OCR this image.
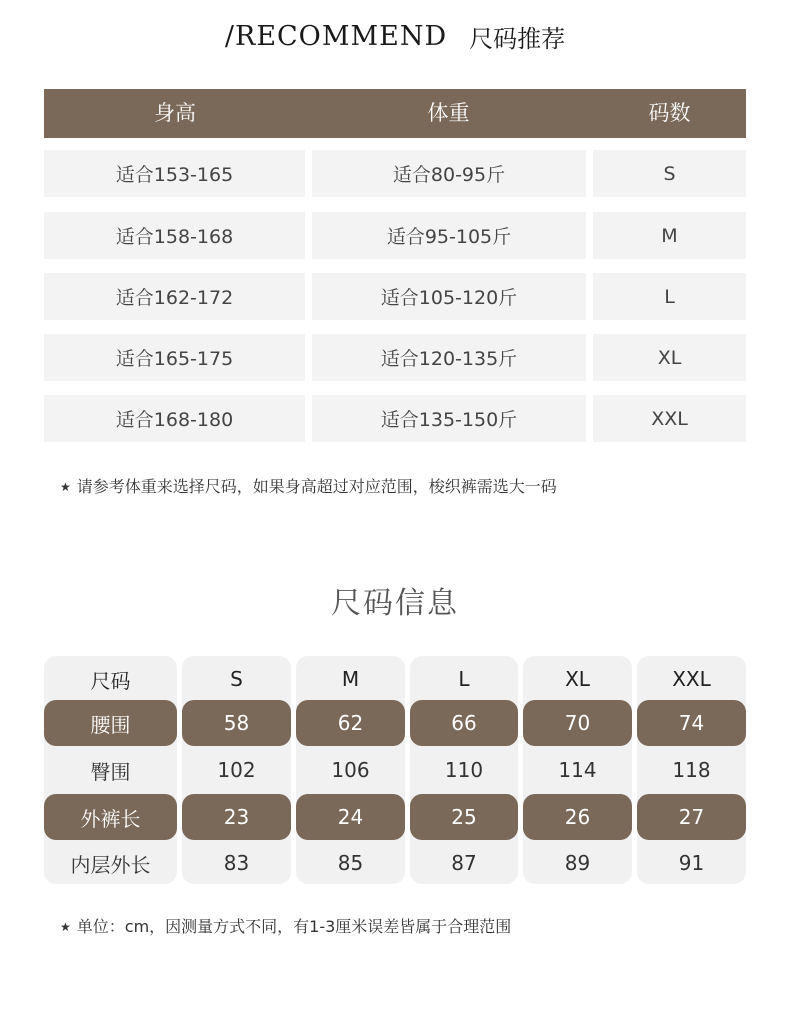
/RECOMMEND 尺码推荐
身高	体重	码数
适合153-165	适合80-95斤	S
适合158-168	适合95-105斤	M
适合162-172	适合105-120斤	L
适合165-175	适合120-135斤	XL
适合168-180	适合135-150斤	XXL
★ 请参考体重来选择尺码，如果身高超过对应范围，梭织裤需选大一码
尺码信息
尺码	S	M	L	XL	XXL
腰围	58	62	66	70	74
臀围	102	106	110	114	118
外裤长	23	24	25	26	27
内层外长	83	85	87	89	91
★ 单位：cm，因测量方式不同，有1-3厘米误差皆属于合理范围
